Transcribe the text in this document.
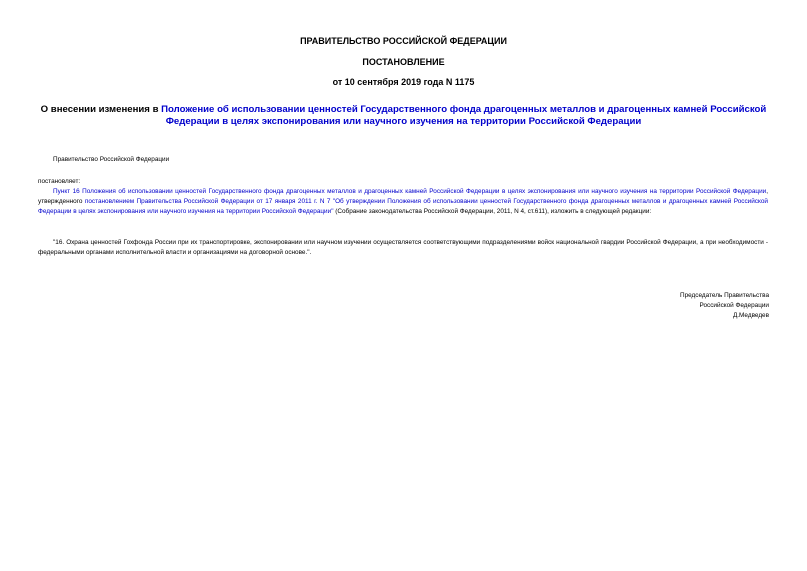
ПРАВИТЕЛЬСТВО РОССИЙСКОЙ ФЕДЕРАЦИИ
ПОСТАНОВЛЕНИЕ
от 10 сентября 2019 года N 1175
О внесении изменения в Положение об использовании ценностей Государственного фонда драгоценных металлов и драгоценных камней Российской Федерации в целях экспонирования или научного изучения на территории Российской Федерации
Правительство Российской Федерации
постановляет:
Пункт 16 Положения об использовании ценностей Государственного фонда драгоценных металлов и драгоценных камней Российской Федерации в целях экспонирования или научного изучения на территории Российской Федерации, утвержденного постановлением Правительства Российской Федерации от 17 января 2011 г. N 7 "Об утверждении Положения об использовании ценностей Государственного фонда драгоценных металлов и драгоценных камней Российской Федерации в целях экспонирования или научного изучения на территории Российской Федерации" (Собрание законодательства Российской Федерации, 2011, N 4, ст.611), изложить в следующей редакции:
"16. Охрана ценностей Гохфонда России при их транспортировке, экспонировании или научном изучении осуществляется соответствующими подразделениями войск национальной гвардии Российской Федерации, а при необходимости - федеральными органами исполнительной власти и организациями на договорной основе.".
Председатель Правительства
Российской Федерации
Д.Медведев
